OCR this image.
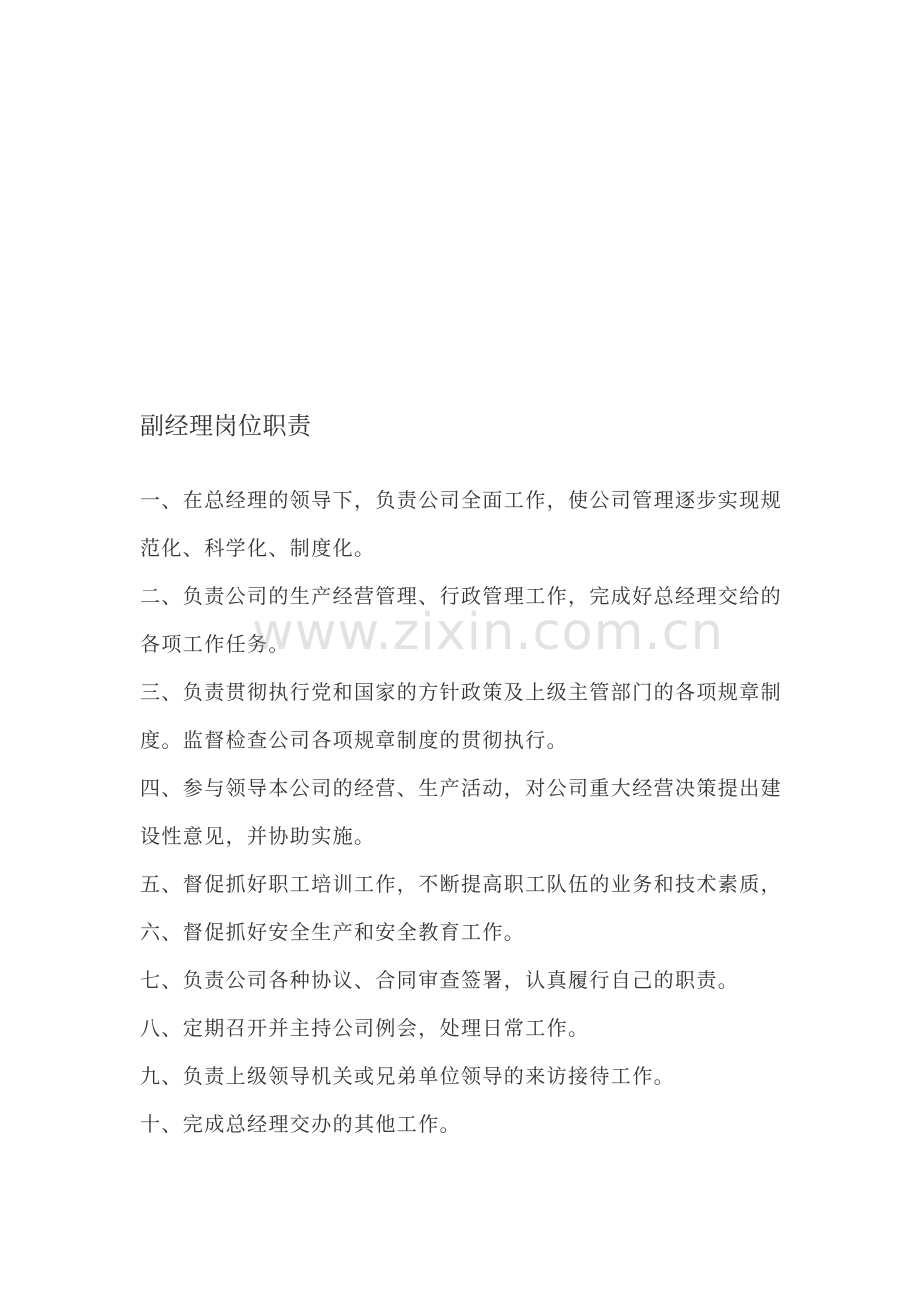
副经理岗位职责

一、在总经理的领导下，负责公司全面工作，使公司管理逐步实现规范化、科学化、制度化。

二、负责公司的生产经营管理、行政管理工作，完成好总经理交给的各项工作任务。

三、负责贯彻执行党和国家的方针政策及上级主管部门的各项规章制度。监督检查公司各项规章制度的贯彻执行。

四、参与领导本公司的经营、生产活动，对公司重大经营决策提出建设性意见，并协助实施。

五、督促抓好职工培训工作，不断提高职工队伍的业务和技术素质，

六、督促抓好安全生产和安全教育工作。

七、负责公司各种协议、合同审查签署，认真履行自己的职责。

八、定期召开并主持公司例会，处理日常工作。

九、负责上级领导机关或兄弟单位领导的来访接待工作。

十、完成总经理交办的其他工作。

www.zixin.com.cn
